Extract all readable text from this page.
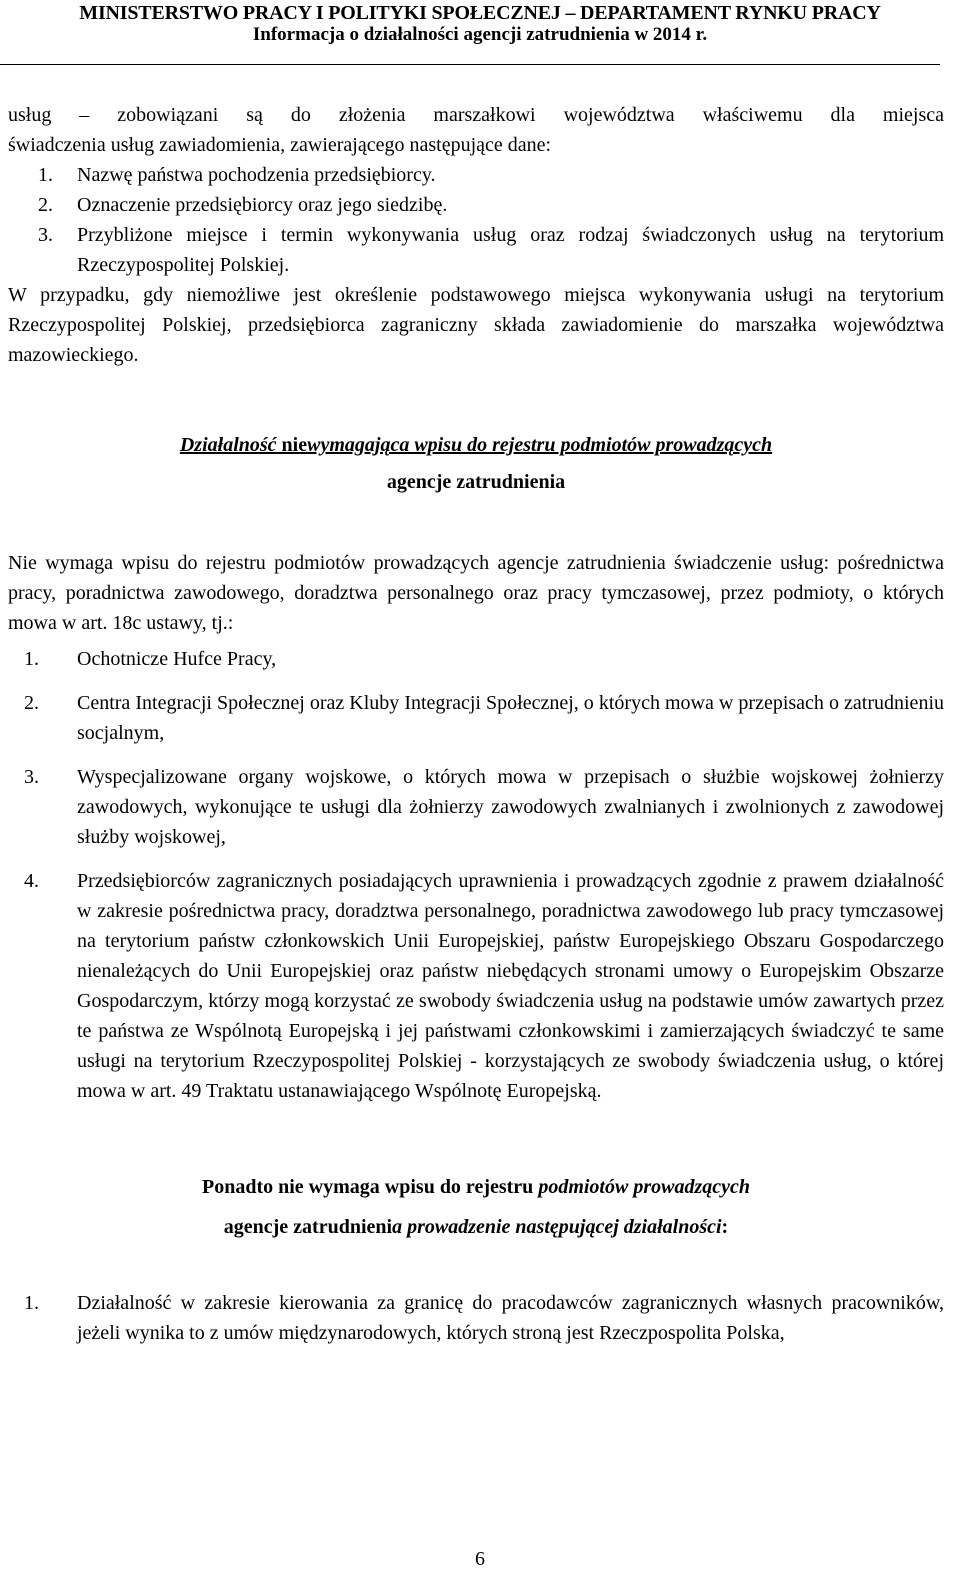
MINISTERSTWO PRACY I POLITYKI SPOŁECZNEJ – DEPARTAMENT RYNKU PRACY
Informacja o działalności agencji zatrudnienia w 2014 r.

usług – zobowiązani są do złożenia marszałkowi województwa właściwemu dla miejsca

świadczenia usług zawiadomienia, zawierającego następujące dane:

1. Nazwę państwa pochodzenia przedsiębiorcy.
2. Oznaczenie przedsiębiorcy oraz jego siedzibę.
3. Przybliżone miejsce i termin wykonywania usług oraz rodzaj świadczonych usług na terytorium Rzeczypospolitej Polskiej.

W przypadku, gdy niemożliwe jest określenie podstawowego miejsca wykonywania usługi na terytorium Rzeczypospolitej Polskiej, przedsiębiorca zagraniczny składa zawiadomienie do marszałka województwa mazowieckiego.

Działalność niewymagająca wpisu do rejestru podmiotów prowadzących

agencje zatrudnienia

Nie wymaga wpisu do rejestru podmiotów prowadzących agencje zatrudnienia świadczenie usług: pośrednictwa pracy, poradnictwa zawodowego, doradztwa personalnego oraz pracy tymczasowej, przez podmioty, o których mowa w art. 18c ustawy, tj.:

1. Ochotnicze Hufce Pracy,
2. Centra Integracji Społecznej oraz Kluby Integracji Społecznej, o których mowa w przepisach o zatrudnieniu socjalnym,
3. Wyspecjalizowane organy wojskowe, o których mowa w przepisach o służbie wojskowej żołnierzy zawodowych, wykonujące te usługi dla żołnierzy zawodowych zwalnianych i zwolnionych z zawodowej służby wojskowej,
4. Przedsiębiorców zagranicznych posiadających uprawnienia i prowadzących zgodnie z prawem działalność w zakresie pośrednictwa pracy, doradztwa personalnego, poradnictwa zawodowego lub pracy tymczasowej na terytorium państw członkowskich Unii Europejskiej, państw Europejskiego Obszaru Gospodarczego nienależących do Unii Europejskiej oraz państw niebędących stronami umowy o Europejskim Obszarze Gospodarczym, którzy mogą korzystać ze swobody świadczenia usług na podstawie umów zawartych przez te państwa ze Wspólnotą Europejską i jej państwami członkowskimi i zamierzających świadczyć te same usługi na terytorium Rzeczypospolitej Polskiej - korzystających ze swobody świadczenia usług, o której mowa w art. 49 Traktatu ustanawiającego Wspólnotę Europejską.

Ponadto nie wymaga wpisu do rejestru podmiotów prowadzących

agencje zatrudnienia prowadzenie następującej działalności:

1. Działalność w zakresie kierowania za granicę do pracodawców zagranicznych własnych pracowników, jeżeli wynika to z umów międzynarodowych, których stroną jest Rzeczpospolita Polska,
6
